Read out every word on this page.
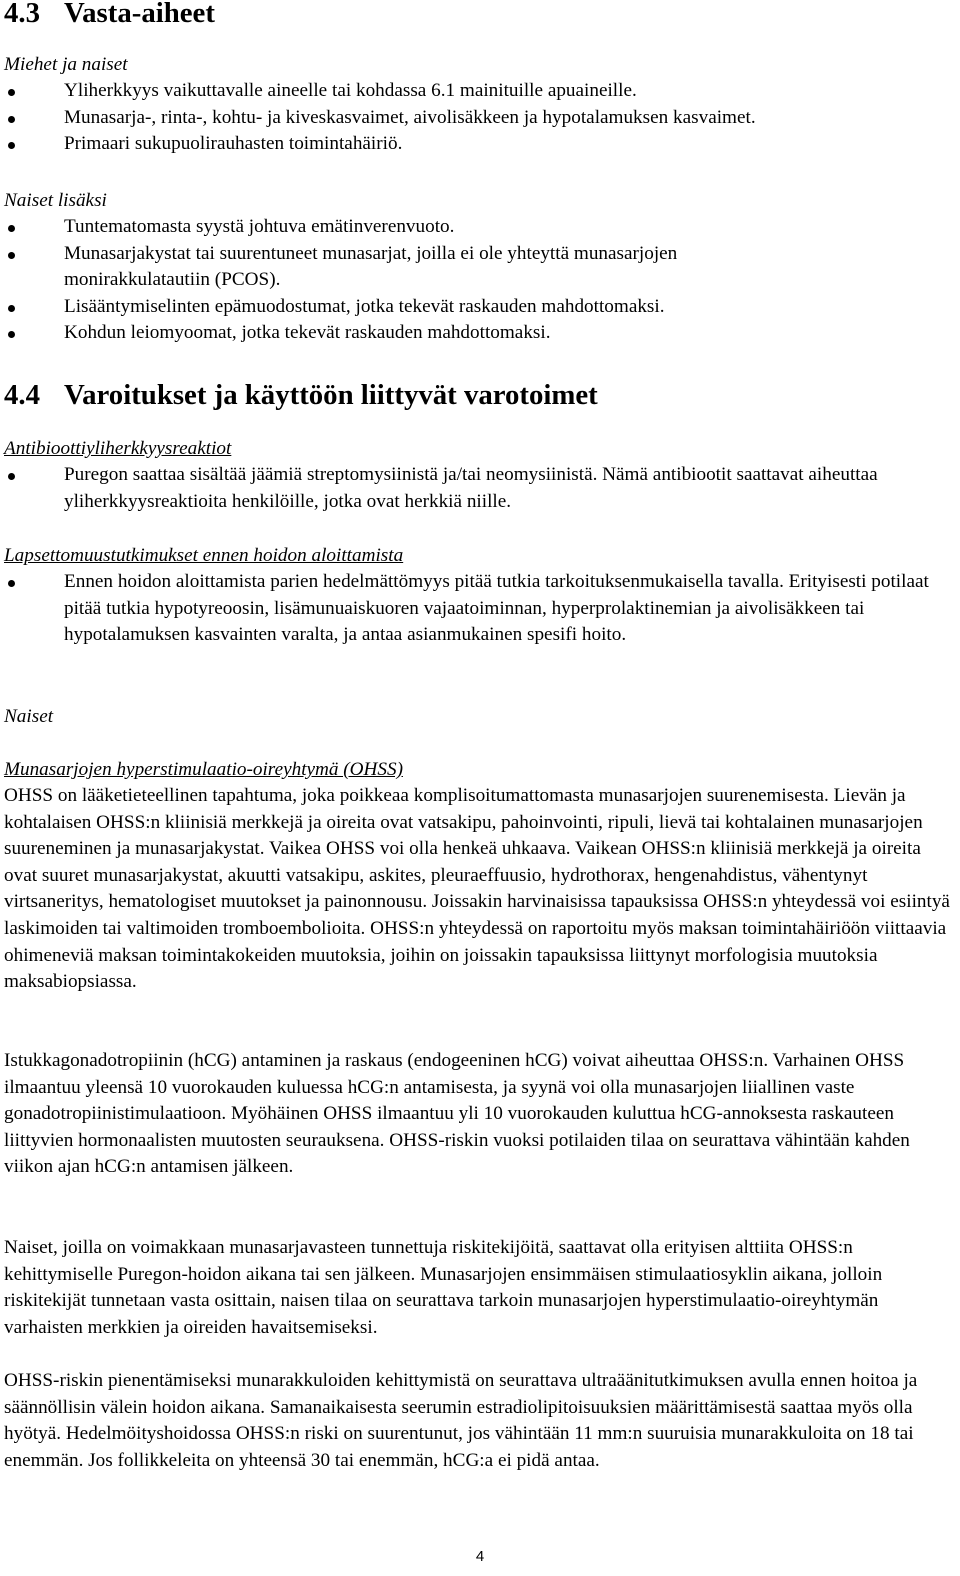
4.3 Vasta-aiheet
Miehet ja naiset
Yliherkkyys vaikuttavalle aineelle tai kohdassa 6.1 mainituille apuaineille.
Munasarja-, rinta-, kohtu- ja kiveskasvaimet, aivolisäkkeen ja hypotalamuksen kasvaimet.
Primaari sukupuolirauhasten toimintahäiriö.
Naiset lisäksi
Tuntematomasta syystä johtuva emätinverenvuoto.
Munasarjakystat tai suurentuneet munasarjat, joilla ei ole yhteyttä munasarjojen monirakkulatautiin (PCOS).
Lisääntymiselinten epämuodostumat, jotka tekevät raskauden mahdottomaksi.
Kohdun leiomyoomat, jotka tekevät raskauden mahdottomaksi.
4.4 Varoitukset ja käyttöön liittyvät varotoimet
Antibioottiyliherkkyysreaktiot
Puregon saattaa sisältää jäämiä streptomysiinistä ja/tai neomysiinistä. Nämä antibiootit saattavat aiheuttaa yliherkkyysreaktioita henkilöille, jotka ovat herkkiä niille.
Lapsettomuustutkimukset ennen hoidon aloittamista
Ennen hoidon aloittamista parien hedelmättömyys pitää tutkia tarkoituksenmukaisella tavalla. Erityisesti potilaat pitää tutkia hypotyreoosin, lisämunuaiskuoren vajaatoiminnan, hyperprolaktinemian ja aivolisäkkeen tai hypotalamuksen kasvainten varalta, ja antaa asianmukainen spesifi hoito.
Naiset
Munasarjojen hyperstimulaatio-oireyhtymä (OHSS)

OHSS on lääketieteellinen tapahtuma, joka poikkeaa komplisoitumattomasta munasarjojen suurenemisesta. Lievän ja kohtalaisen OHSS:n kliinisiä merkkejä ja oireita ovat vatsakipu, pahoinvointi, ripuli, lievä tai kohtalainen munasarjojen suureneminen ja munasarjakystat. Vaikea OHSS voi olla henkeä uhkaava. Vaikean OHSS:n kliinisiä merkkejä ja oireita ovat suuret munasarjakystat, akuutti vatsakipu, askites, pleuraeffuusio, hydrothorax, hengenahdistus, vähentynyt virtsaneritys, hematologiset muutokset ja painonnousu. Joissakin harvinaisissa tapauksissa OHSS:n yhteydessä voi esiintyä laskimoiden tai valtimoiden tromboembolioita. OHSS:n yhteydessä on raportoitu myös maksan toimintahäiriöön viittaavia ohimeneviä maksan toimintakokeiden muutoksia, joihin on joissakin tapauksissa liittynyt morfologisia muutoksia maksabiopsiassa.

Istukkagonadotropiinin (hCG) antaminen ja raskaus (endogeeninen hCG) voivat aiheuttaa OHSS:n. Varhainen OHSS ilmaantuu yleensä 10 vuorokauden kuluessa hCG:n antamisesta, ja syynä voi olla munasarjojen liiallinen vaste gonadotropiinistimulaatioon. Myöhäinen OHSS ilmaantuu yli 10 vuorokauden kuluttua hCG-annoksesta raskauteen liittyvien hormonaalisten muutosten seurauksena. OHSS-riskin vuoksi potilaiden tilaa on seurattava vähintään kahden viikon ajan hCG:n antamisen jälkeen.

Naiset, joilla on voimakkaan munasarjavasteen tunnettuja riskitekijöitä, saattavat olla erityisen alttiita OHSS:n kehittymiselle Puregon-hoidon aikana tai sen jälkeen. Munasarjojen ensimmäisen stimulaatiosyklin aikana, jolloin riskitekijät tunnetaan vasta osittain, naisen tilaa on seurattava tarkoin munasarjojen hyperstimulaatio-oireyhtymän varhaisten merkkien ja oireiden havaitsemiseksi.

OHSS-riskin pienentämiseksi munarakkuloiden kehittymistä on seurattava ultraäänitutkimuksen avulla ennen hoitoa ja säännöllisin välein hoidon aikana. Samanaikaisesta seerumin estradiolipitoisuuksien määrittämisestä saattaa myös olla hyötyä. Hedelmöityshoidossa OHSS:n riski on suurentunut, jos vähintään 11 mm:n suuruisia munarakkuloita on 18 tai enemmän. Jos follikkeleita on yhteensä 30 tai enemmän, hCG:a ei pidä antaa.

4
